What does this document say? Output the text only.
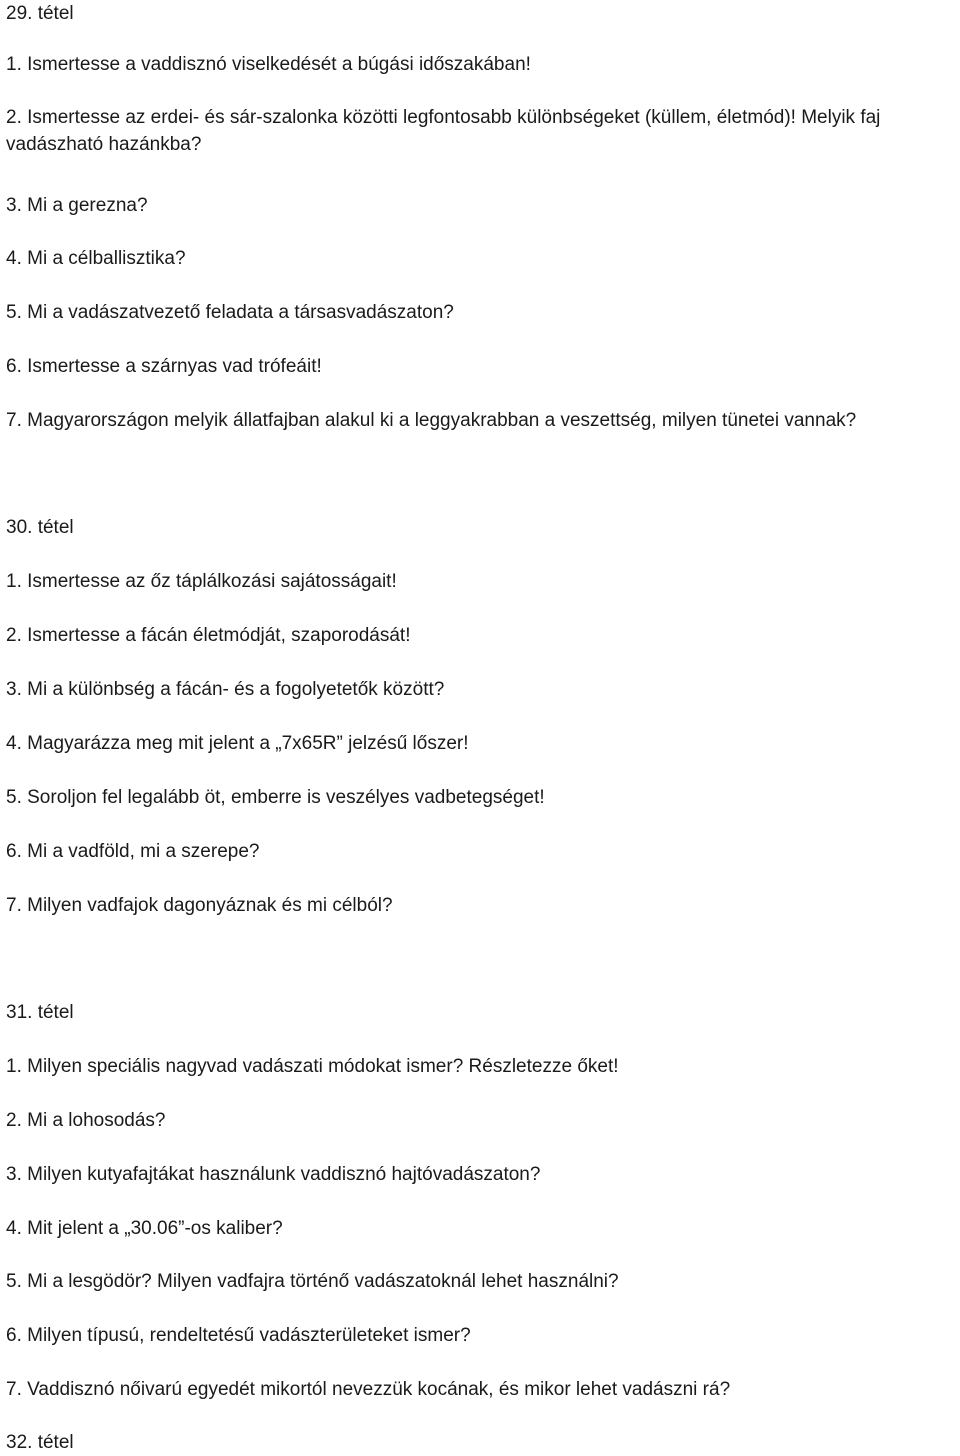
29. tétel

1. Ismertesse a vaddisznó viselkedését a búgási időszakában!

2. Ismertesse az erdei- és sár-szalonka közötti legfontosabb különbségeket (küllem, életmód)! Melyik faj vadászható hazánkba?

3. Mi a gerezna?

4. Mi a célballisztika?

5. Mi a vadászatvezető feladata a társasvadászaton?

6. Ismertesse a szárnyas vad trófeáit!

7. Magyarországon melyik állatfajban alakul ki a leggyakrabban a veszettség, milyen tünetei vannak?

30. tétel

1. Ismertesse az őz táplálkozási sajátosságait!

2. Ismertesse a fácán életmódját, szaporodását!

3. Mi a különbség a fácán- és a fogolyetetők között?

4. Magyarázza meg mit jelent a „7x65R” jelzésű lőszer!

5. Soroljon fel legalább öt, emberre is veszélyes vadbetegséget!

6. Mi a vadföld, mi a szerepe?

7. Milyen vadfajok dagonyáznak és mi célból?

31. tétel

1. Milyen speciális nagyvad vadászati módokat ismer? Részletezze őket!

2. Mi a lohosodás?

3. Milyen kutyafajtákat használunk vaddisznó hajtóvadászaton?

4. Mit jelent a „30.06”-os kaliber?

5. Mi a lesgödör? Milyen vadfajra történő vadászatoknál lehet használni?

6. Milyen típusú, rendeltetésű vadászterületeket ismer?

7. Vaddisznó nőivarú egyedét mikortól nevezzük kocának, és mikor lehet vadászni rá?

32. tétel
